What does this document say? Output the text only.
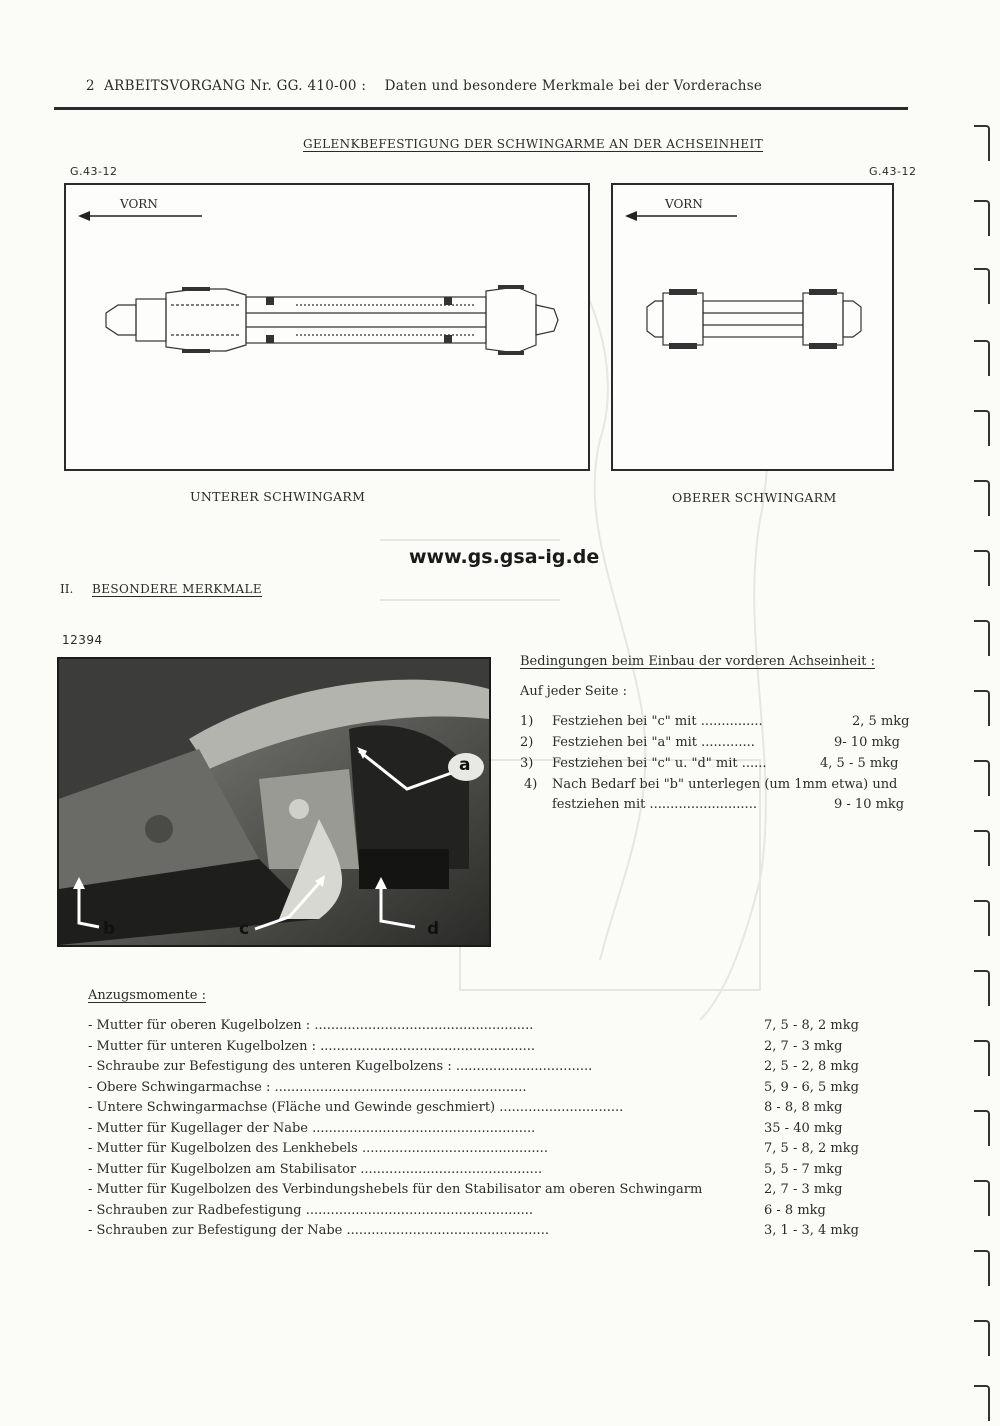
2 ARBEITSVORGANG Nr. GG. 410-00 : Daten und besondere Merkmale bei der Vorderachse
GELENKBEFESTIGUNG DER SCHWINGARME AN DER ACHSEINHEIT
G.43-12
VORN
UNTERER SCHWINGARM
G.43-12
VORN
OBERER SCHWINGARM
www.gs.gsa-ig.de
II. BESONDERE MERKMALE
12394
a
b	c	d
Bedingungen beim Einbau der vorderen Achseinheit :
Auf jeder Seite :
1) Festziehen bei "c" mit ...............	2, 5 mkg
2) Festziehen bei "a" mit .............	9- 10 mkg
3) Festziehen bei "c" u. "d" mit ......	4, 5 - 5 mkg
4) Nach Bedarf bei "b" unterlegen (um 1mm etwa) und
festziehen mit ..........................	9 - 10 mkg
Anzugsmomente :
- Mutter für oberen Kugelbolzen : .....................................................	7, 5 - 8, 2 mkg
- Mutter für unteren Kugelbolzen : ....................................................	2, 7 - 3 mkg
- Schraube zur Befestigung des unteren Kugelbolzens : .................................	2, 5 - 2, 8 mkg
- Obere Schwingarmachse : .............................................................	5, 9 - 6, 5 mkg
- Untere Schwingarmachse (Fläche und Gewinde geschmiert) ..............................	8 - 8, 8 mkg
- Mutter für Kugellager der Nabe ......................................................	35 - 40 mkg
- Mutter für Kugelbolzen des Lenkhebels .............................................	7, 5 - 8, 2 mkg
- Mutter für Kugelbolzen am Stabilisator ............................................	5, 5 - 7 mkg
- Mutter für Kugelbolzen des Verbindungshebels für den Stabilisator am oberen Schwingarm	2, 7 - 3 mkg
- Schrauben zur Radbefestigung .......................................................	6 - 8 mkg
- Schrauben zur Befestigung der Nabe .................................................	3, 1 - 3, 4 mkg
